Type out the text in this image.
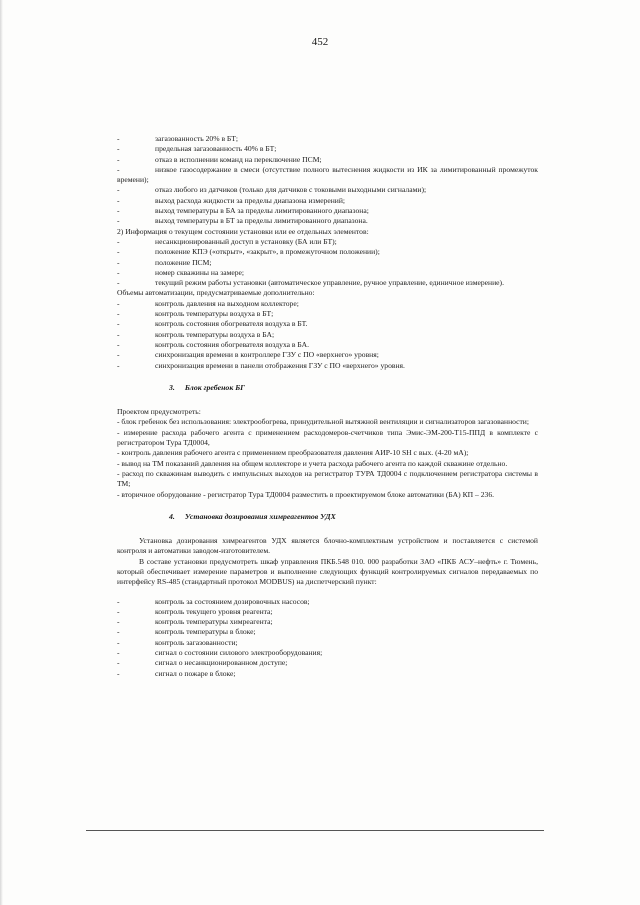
452
-	загазованность 20% в БТ;
-	предельная загазованность 40% в БТ;
-	отказ в исполнении команд на переключение ПСМ;
-	низкое газосодержание в смеси (отсутствие полного вытеснения жидкости из ИК за лимитированный промежуток времени);
-	отказ любого из датчиков (только для датчиков с токовыми выходными сигналами);
-	выход расхода жидкости за пределы диапазона измерений;
-	выход температуры в БА за пределы лимитированного диапазона;
-	выход температуры в БТ за пределы лимитированного диапазона.

2) Информация о текущем состоянии установки или ее отдельных элементов:

-	несанкционированный доступ в установку (БА или БТ);
-	положение КПЭ («открыт», «закрыт», в промежуточном положении);
-	положение ПСМ;
-	номер скважины на замере;
-	текущий режим работы установки (автоматическое управление, ручное управление, единичное измерение).

Объемы автоматизации, предусматриваемые дополнительно:

-	контроль давления на выходном коллекторе;
-	контроль температуры воздуха в БТ;
-	контроль состояния обогревателя воздуха в БТ.
-	контроль температуры воздуха в БА;
-	контроль состояния обогревателя воздуха в БА.
-	синхронизация времени в контроллере ГЗУ с ПО «верхнего» уровня;
-	синхронизация времени в панели отображения ГЗУ с ПО «верхнего» уровня.
3. Блок гребенок БГ

Проектом предусмотреть:

- блок гребенок без использования: электрообогрева, принудительной вытяжной вентиляции и сигнализаторов загазованности;

- измерение расхода рабочего агента с применением расходомеров-счетчиков типа Эмис-ЭМ-200-Т15-ППД в комплекте с регистратором Тура ТД0004,

- контроль давления рабочего агента с применением преобразователя давления АИР-10 SH с вых. (4-20 мА);

- вывод на ТМ показаний давления на общем коллекторе и учета расхода рабочего агента по каждой скважине отдельно.

- расход по скважинам выводить с импульсных выходов на регистратор ТУРА ТД0004 с подключением регистратора системы в ТМ;

- вторичное оборудование - регистратор Тура ТД0004 разместить в проектируемом блоке автоматики (БА) КП – 236.

4. Установка дозирования химреагентов УДХ

Установка дозирования химреагентов УДХ является блочно-комплектным устройством и поставляется с системой контроля и автоматики заводом-изготовителем.

В составе установки предусмотреть шкаф управления ПКБ.548 010. 000 разработки ЗАО «ПКБ АСУ–нефть» г. Тюмень, который обеспечивает измерение параметров и выполнение следующих функций контролируемых сигналов передаваемых по интерфейсу RS-485 (стандартный протокол MODBUS) на диспетчерский пункт:

-	контроль за состоянием дозировочных насосов;
-	контроль текущего уровня реагента;
-	контроль температуры химреагента;
-	контроль температуры в блоке;
-	контроль загазованности;
-	сигнал о состоянии силового электрооборудования;
-	сигнал о несанкционированном доступе;
-	сигнал о пожаре в блоке;
